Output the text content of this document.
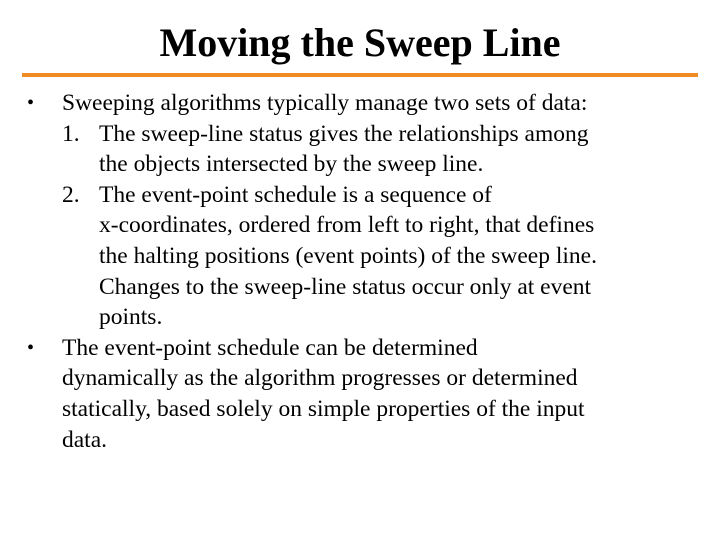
Moving the Sweep Line
• Sweeping algorithms typically manage two sets of data:
1. The sweep‑line status gives the relationships among
the objects intersected by the sweep line.
2. The event‑point schedule is a sequence of
x‑coordinates, ordered from left to right, that defines
the halting positions (event points) of the sweep line.
Changes to the sweep‑line status occur only at event
points.
• The event‑point schedule can be determined
dynamically as the algorithm progresses or determined
statically, based solely on simple properties of the input
data.
